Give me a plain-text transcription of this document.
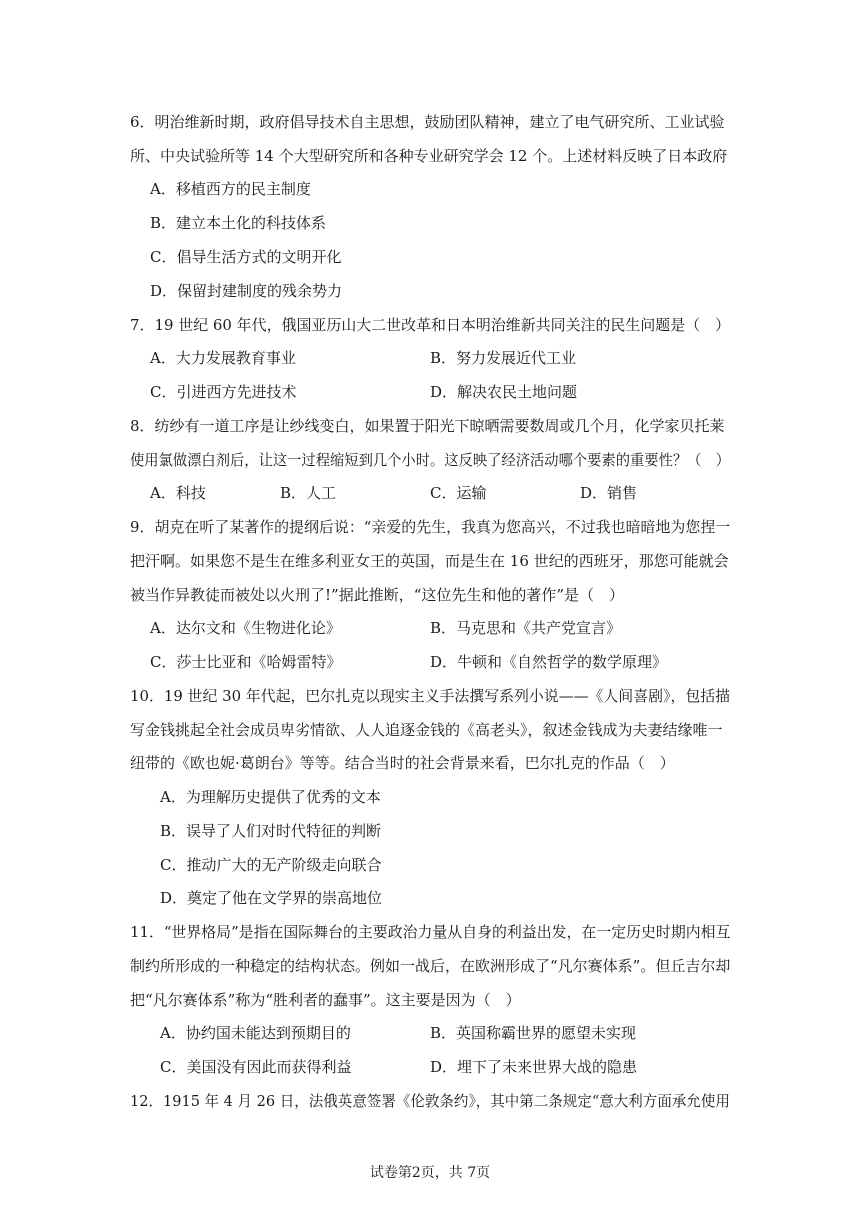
6．明治维新时期，政府倡导技术自主思想，鼓励团队精神，建立了电气研究所、工业试验
所、中央试验所等 14 个大型研究所和各种专业研究学会 12 个。上述材料反映了日本政府
A．移植西方的民主制度
B．建立本土化的科技体系
C．倡导生活方式的文明开化
D．保留封建制度的残余势力
7．19 世纪 60 年代，俄国亚历山大二世改革和日本明治维新共同关注的民生问题是（　）
A．大力发展教育事业	B．努力发展近代工业
C．引进西方先进技术	D．解决农民土地问题
8．纺纱有一道工序是让纱线变白，如果置于阳光下晾晒需要数周或几个月，化学家贝托莱
使用氯做漂白剂后，让这一过程缩短到几个小时。这反映了经济活动哪个要素的重要性？（　）
A．科技	B．人工	C．运输	D．销售
9．胡克在听了某著作的提纲后说：“亲爱的先生，我真为您高兴，不过我也暗暗地为您捏一
把汗啊。如果您不是生在维多利亚女王的英国，而是生在 16 世纪的西班牙，那您可能就会
被当作异教徒而被处以火刑了!”据此推断，“这位先生和他的著作”是（　）
A．达尔文和《生物进化论》	B．马克思和《共产党宣言》
C．莎士比亚和《哈姆雷特》	D．牛顿和《自然哲学的数学原理》
10．19 世纪 30 年代起，巴尔扎克以现实主义手法撰写系列小说——《人间喜剧》，包括描
写金钱挑起全社会成员卑劣情欲、人人追逐金钱的《高老头》，叙述金钱成为夫妻结缘唯一
纽带的《欧也妮·葛朗台》等等。结合当时的社会背景来看，巴尔扎克的作品（　）
A．为理解历史提供了优秀的文本
B．误导了人们对时代特征的判断
C．推动广大的无产阶级走向联合
D．奠定了他在文学界的崇高地位
11．“世界格局”是指在国际舞台的主要政治力量从自身的利益出发，在一定历史时期内相互
制约所形成的一种稳定的结构状态。例如一战后，在欧洲形成了“凡尔赛体系”。但丘吉尔却
把“凡尔赛体系”称为“胜利者的蠢事”。这主要是因为（　）
A．协约国未能达到预期目的	B．英国称霸世界的愿望未实现
C．美国没有因此而获得利益	D．埋下了未来世界大战的隐患
12．1915 年 4 月 26 日，法俄英意签署《伦敦条约》，其中第二条规定“意大利方面承允使用
试卷第2页，共 7页
